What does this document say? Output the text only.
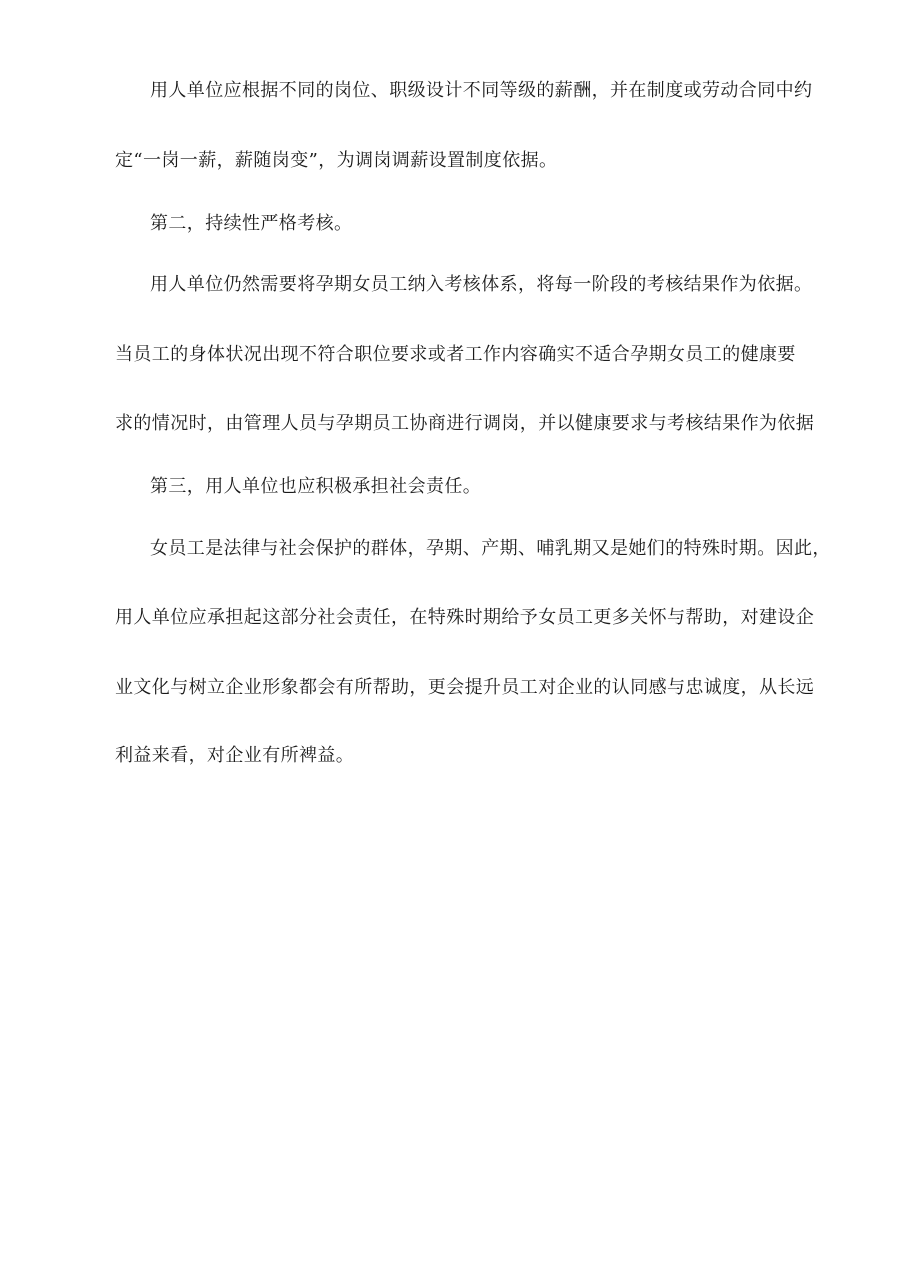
用人单位应根据不同的岗位、职级设计不同等级的薪酬，并在制度或劳动合同中约
定“一岗一薪，薪随岗变”，为调岗调薪设置制度依据。
第二，持续性严格考核。
用人单位仍然需要将孕期女员工纳入考核体系，将每一阶段的考核结果作为依据。
当员工的身体状况出现不符合职位要求或者工作内容确实不适合孕期女员工的健康要
求的情况时，由管理人员与孕期员工协商进行调岗，并以健康要求与考核结果作为依据
第三，用人单位也应积极承担社会责任。
女员工是法律与社会保护的群体，孕期、产期、哺乳期又是她们的特殊时期。因此，
用人单位应承担起这部分社会责任，在特殊时期给予女员工更多关怀与帮助，对建设企
业文化与树立企业形象都会有所帮助，更会提升员工对企业的认同感与忠诚度，从长远
利益来看，对企业有所裨益。
